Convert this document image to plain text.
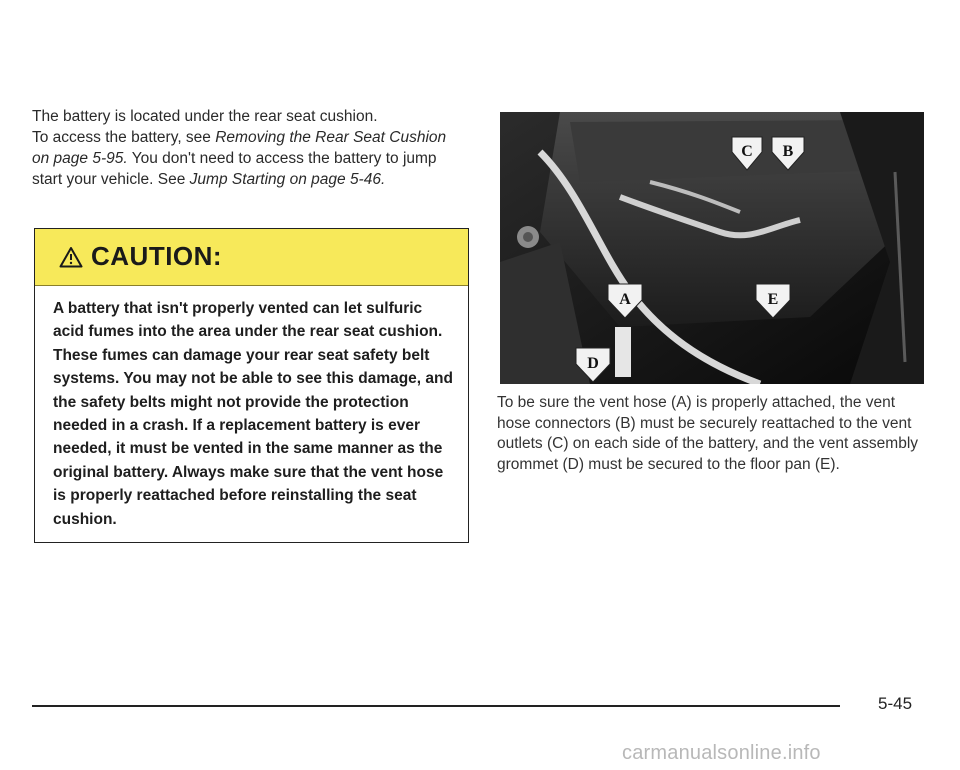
The battery is located under the rear seat cushion.
To access the battery, see Removing the Rear Seat Cushion on page 5-95. You don't need to access the battery to jump start your vehicle. See Jump Starting on page 5-46.

CAUTION:

A battery that isn't properly vented can let sulfuric acid fumes into the area under the rear seat cushion. These fumes can damage your rear seat safety belt systems. You may not be able to see this damage, and the safety belts might not provide the protection needed in a crash. If a replacement battery is ever needed, it must be vented in the same manner as the original battery. Always make sure that the vent hose is properly reattached before reinstalling the seat cushion.

C B
A	E
D

To be sure the vent hose (A) is properly attached, the vent hose connectors (B) must be securely reattached to the vent outlets (C) on each side of the battery, and the vent assembly grommet (D) must be secured to the floor pan (E).

5-45
carmanualsonline.info
